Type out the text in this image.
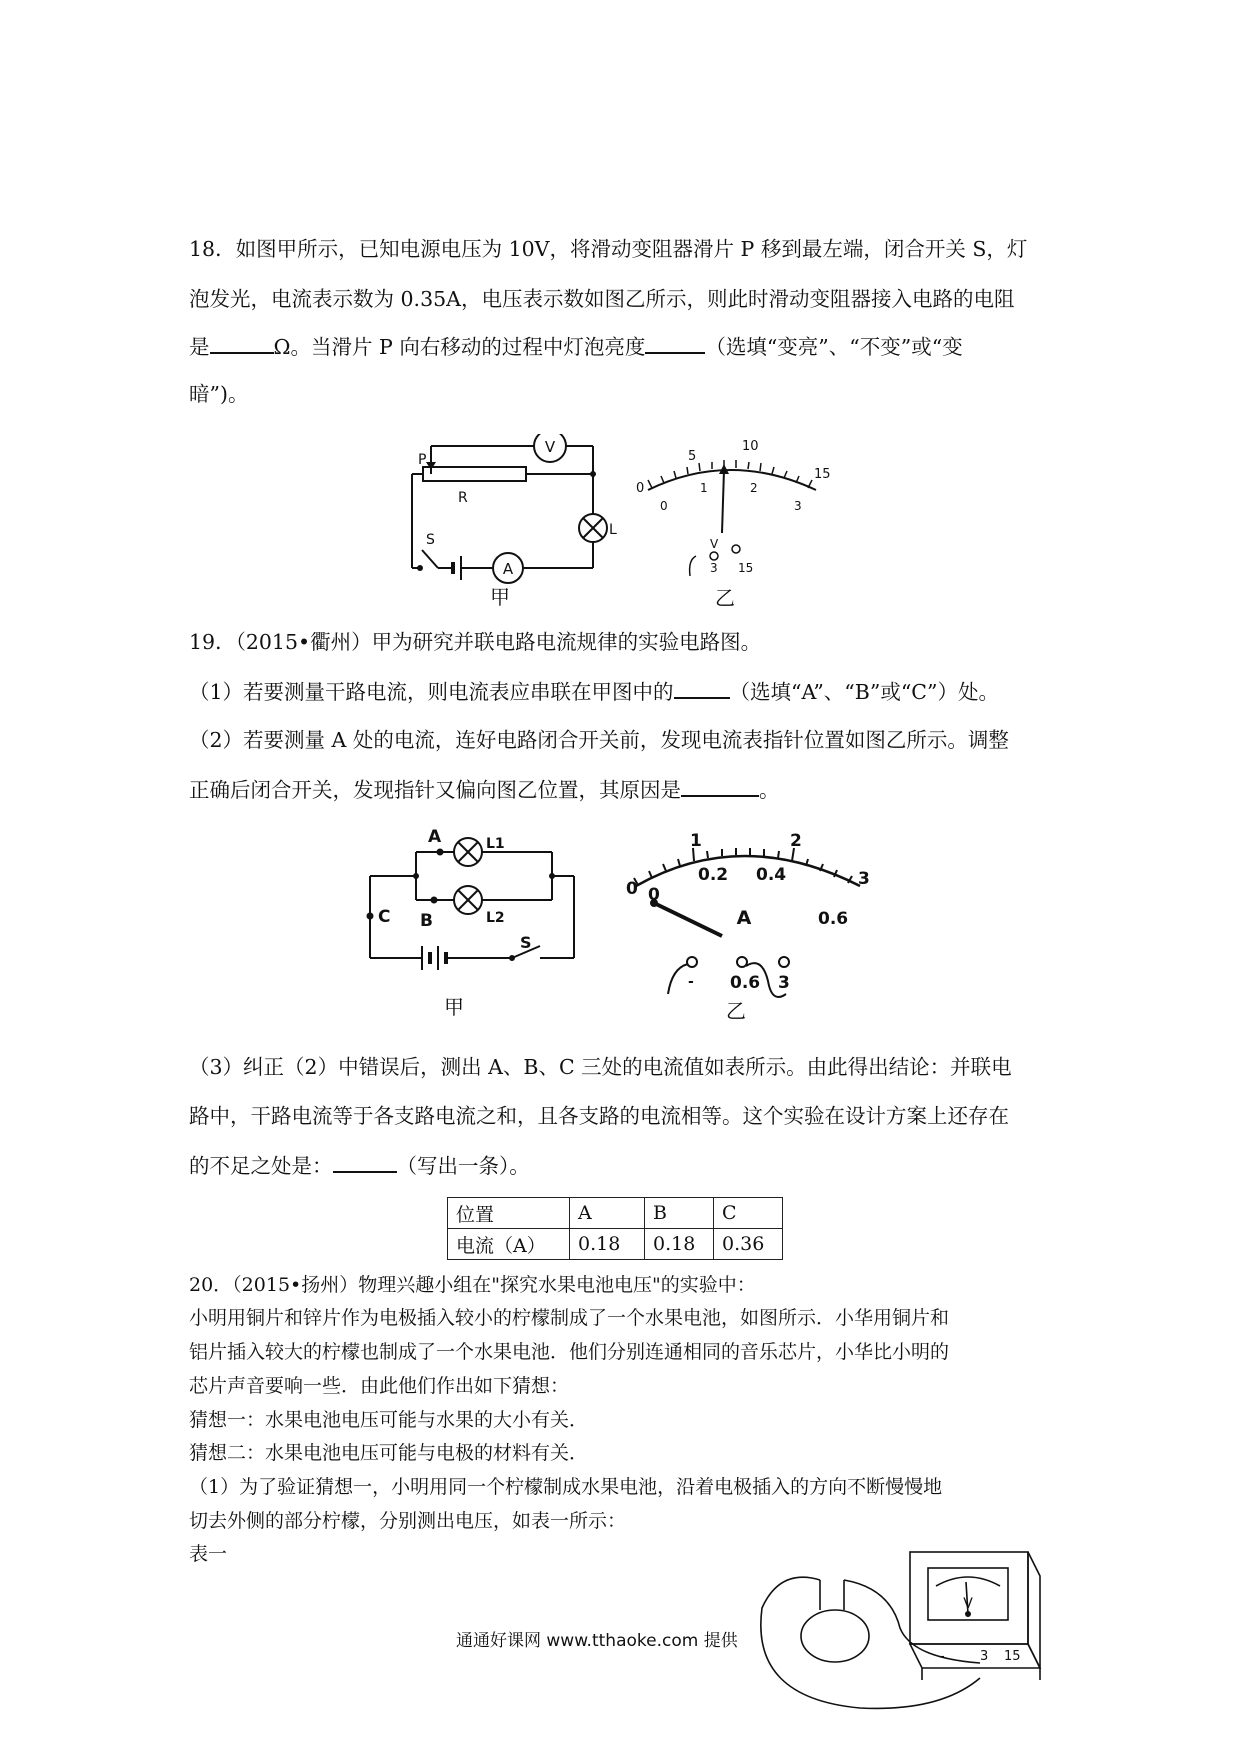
18．如图甲所示，已知电源电压为 10V，将滑动变阻器滑片 P 移到最左端，闭合开关 S，灯
泡发光，电流表示数为 0.35A，电压表示数如图乙所示，则此时滑动变阻器接入电路的电阻
是	Ω。当滑片 P 向右移动的过程中灯泡亮度	（选填“变亮”、“不变”或“变
暗”)。
P
R
V
L
A
S
甲
0
5
10
15
0
1	2
3
V
3 15
乙
19．（2015•衢州）甲为研究并联电路电流规律的实验电路图。
（1）若要测量干路电流，则电流表应串联在甲图中的	（选填“A”、“B”或“C”）处。
（2）若要测量 A 处的电流，连好电路闭合开关前，发现电流表指针位置如图乙所示。调整
正确后闭合开关，发现指针又偏向图乙位置，其原因是	。
A
B
C
L1
L2
S
甲
0
1	2
3
0
0.2 0.4
0.6
A
- 0.6 3
乙
（3）纠正（2）中错误后，测出 A、B、C 三处的电流值如表所示。由此得出结论：并联电
路中，干路电流等于各支路电流之和，且各支路的电流相等。这个实验在设计方案上还存在
的不足之处是：	（写出一条）。
位置	A	B	C
电流（A）	0.18	0.18	0.36
20．（2015•扬州）物理兴趣小组在"探究水果电池电压"的实验中：
小明用铜片和锌片作为电极插入较小的柠檬制成了一个水果电池，如图所示．小华用铜片和
铝片插入较大的柠檬也制成了一个水果电池．他们分别连通相同的音乐芯片，小华比小明的
芯片声音要响一些．由此他们作出如下猜想：
猜想一：水果电池电压可能与水果的大小有关．
猜想二：水果电池电压可能与电极的材料有关．
（1）为了验证猜想一，小明用同一个柠檬制成水果电池，沿着电极插入的方向不断慢慢地
切去外侧的部分柠檬，分别测出电压，如表一所示：
表一
V
-	3 15
通通好课网 www.tthaoke.com 提供
